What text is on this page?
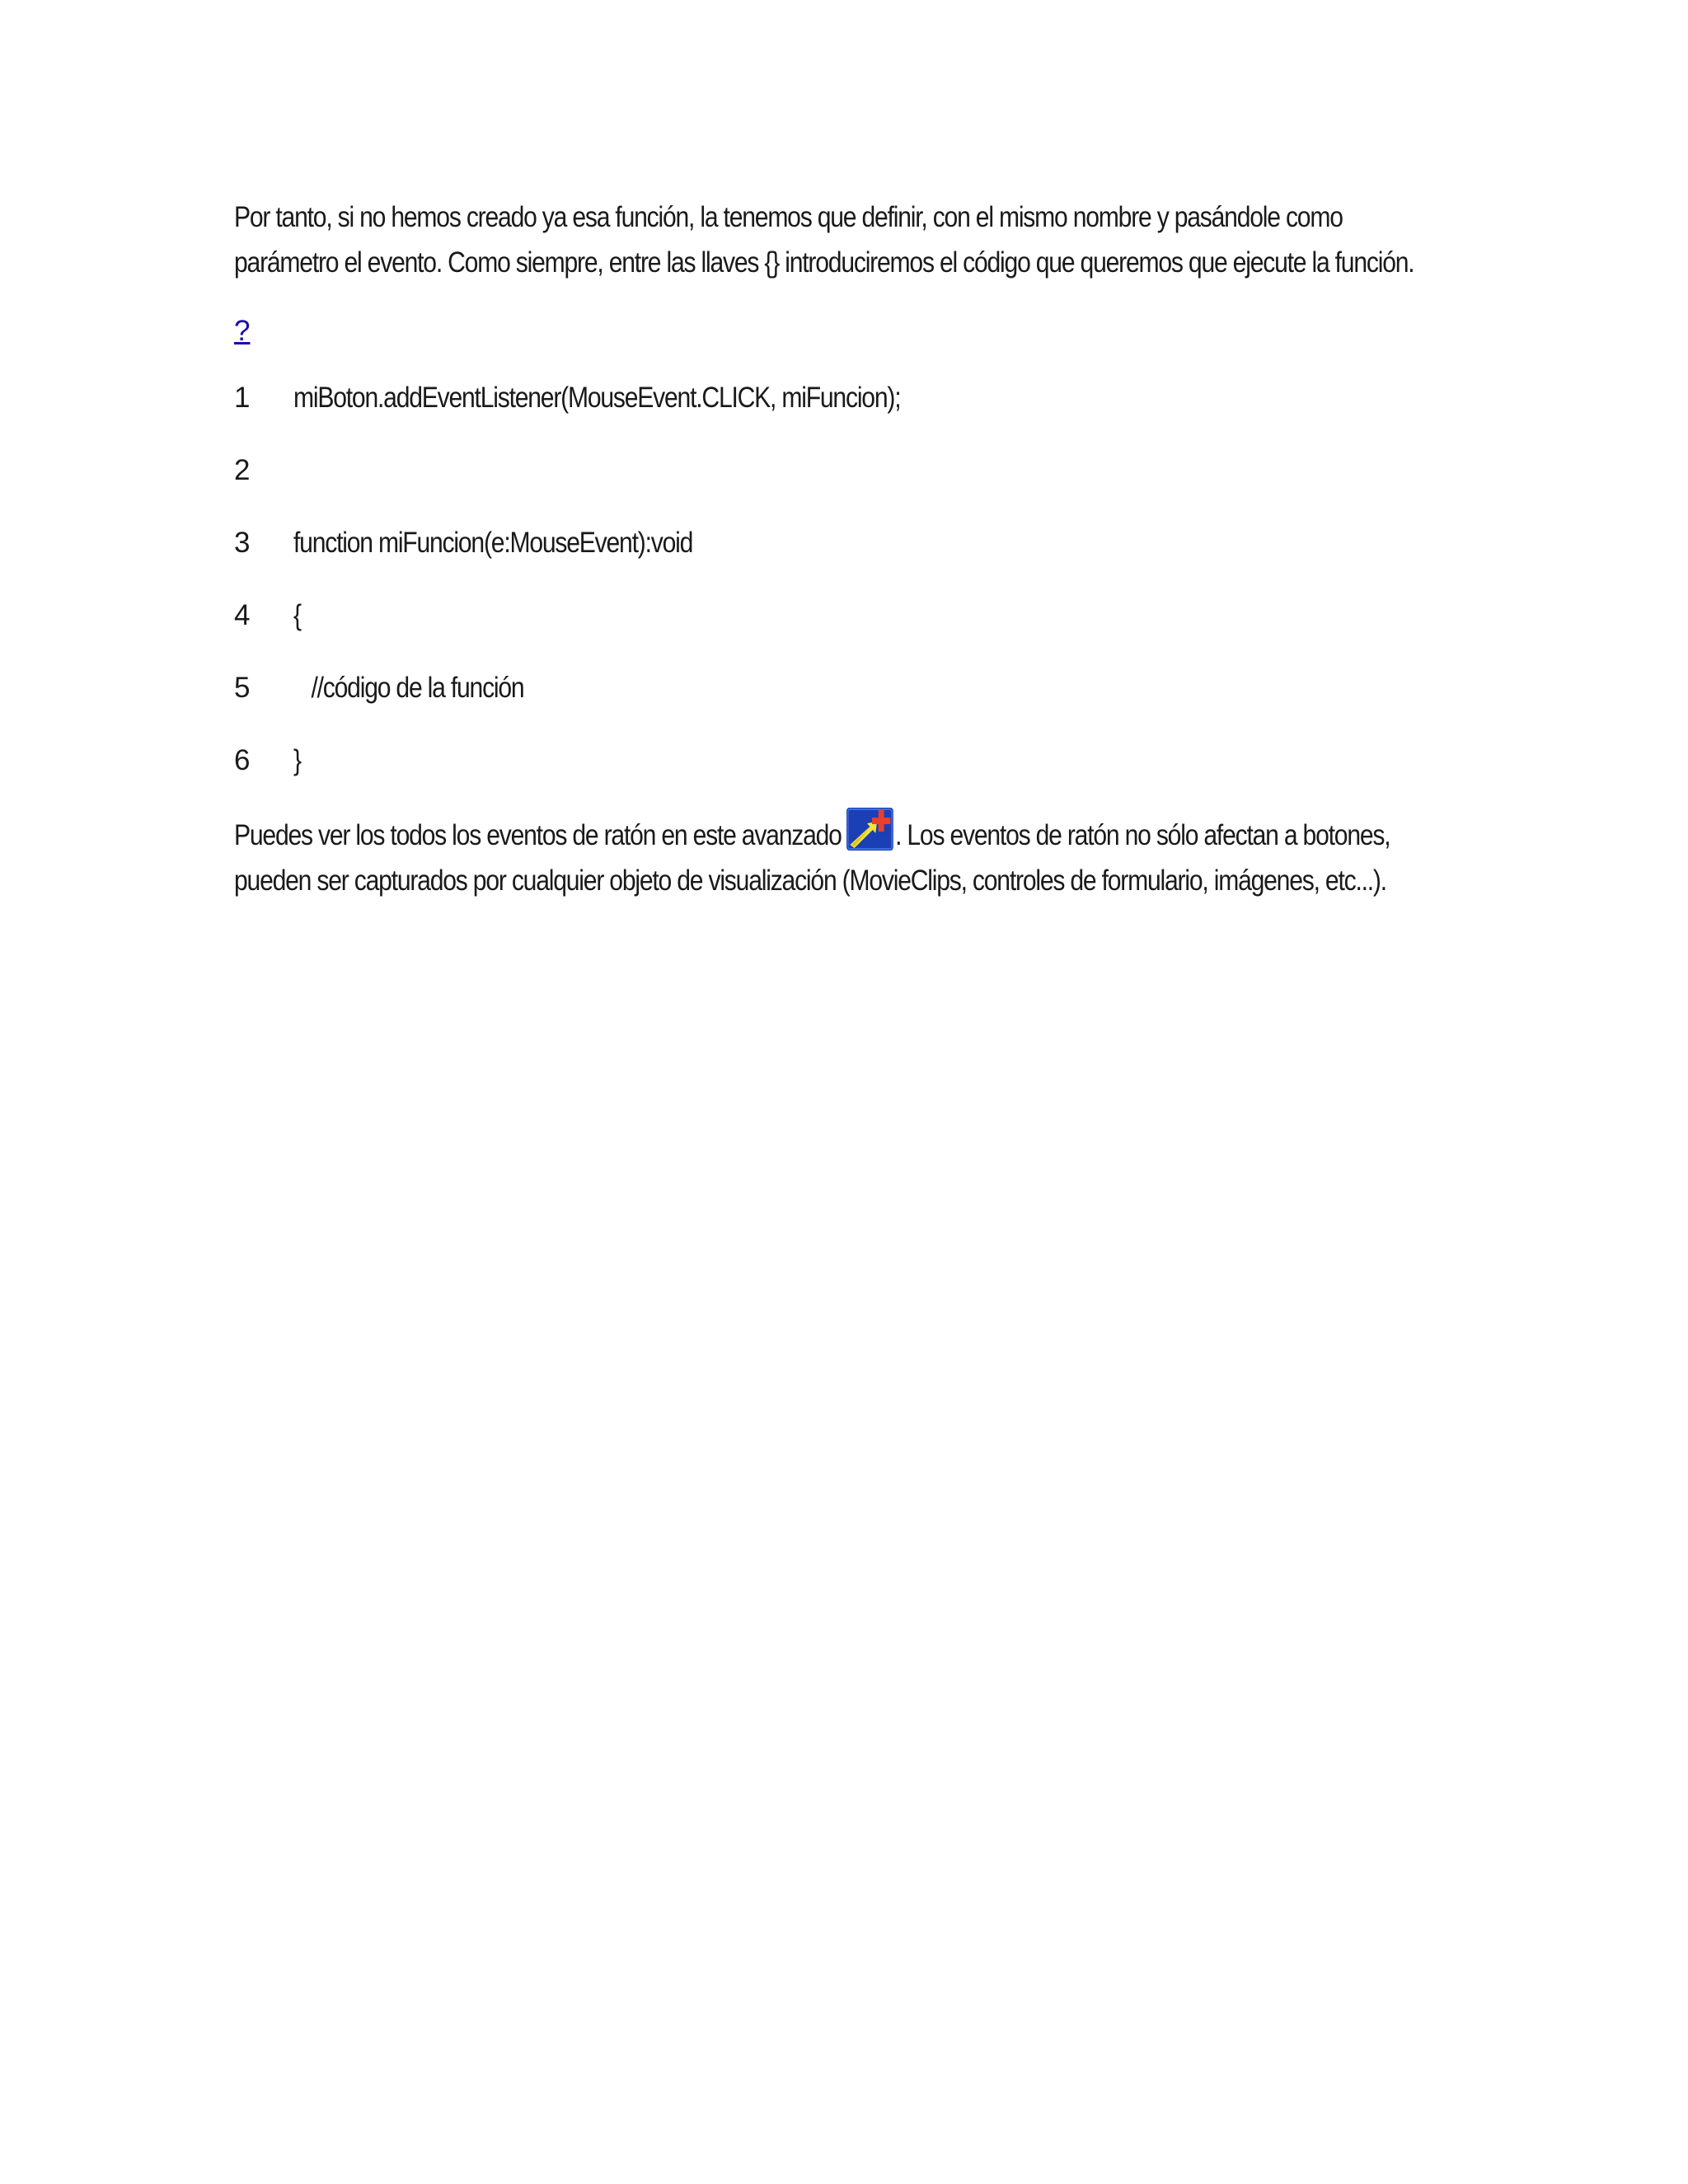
Por tanto, si no hemos creado ya esa función, la tenemos que definir, con el mismo nombre y pasándole como parámetro el evento. Como siempre, entre las llaves {} introduciremos el código que queremos que ejecute la función.

?
1	miBoton.addEventListener(MouseEvent.CLICK, miFuncion);
2
3	function miFuncion(e:MouseEvent):void
4	{
5	//código de la función
6	}

Puedes ver los todos los eventos de ratón en este avanzado . Los eventos de ratón no sólo afectan a botones, pueden ser capturados por cualquier objeto de visualización (MovieClips, controles de formulario, imágenes, etc...).
